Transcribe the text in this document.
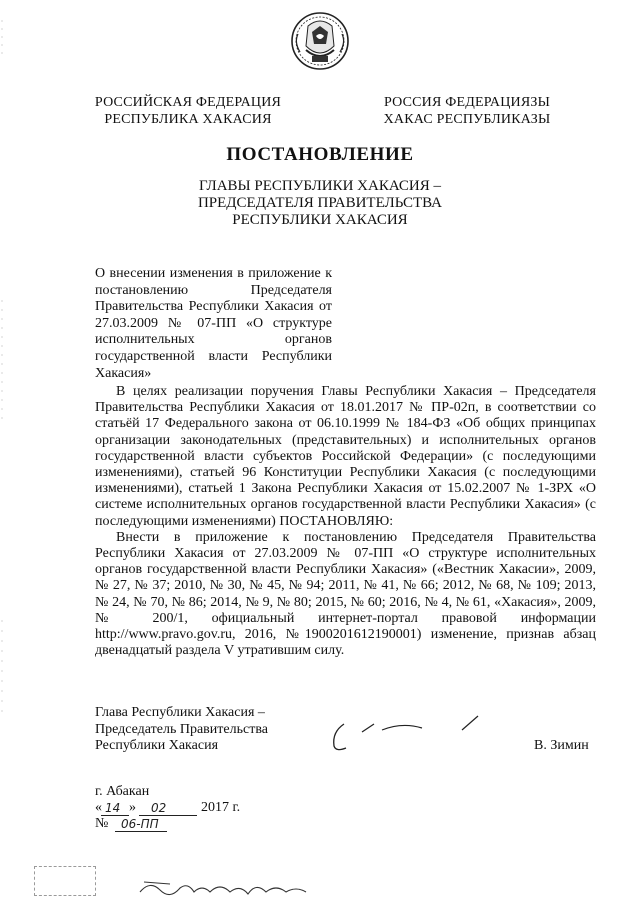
РОССИЙСКАЯ ФЕДЕРАЦИЯ
РЕСПУБЛИКА ХАКАСИЯ
РОССИЯ ФЕДЕРАЦИЯЗЫ
ХАКАС РЕСПУБЛИКАЗЫ
ПОСТАНОВЛЕНИЕ
ГЛАВЫ РЕСПУБЛИКИ ХАКАСИЯ –
ПРЕДСЕДАТЕЛЯ ПРАВИТЕЛЬСТВА
РЕСПУБЛИКИ ХАКАСИЯ
О внесении изменения в приложение к постановлению Председателя Правительства Республики Хакасия от 27.03.2009 № 07-ПП «О структуре исполнительных органов государственной власти Республики Хакасия»

В целях реализации поручения Главы Республики Хакасия – Председателя Правительства Республики Хакасия от 18.01.2017 № ПР-02п, в соответствии со статьёй 17 Федерального закона от 06.10.1999 № 184-ФЗ «Об общих принципах организации законодательных (представительных) и исполнительных органов государственной власти субъектов Российской Федерации» (с последующими изменениями), статьей 96 Конституции Республики Хакасия (с последующими изменениями), статьей 1 Закона Республики Хакасия от 15.02.2007 № 1-ЗРХ «О системе исполнительных органов государственной власти Республики Хакасия» (с последующими изменениями) ПОСТАНОВЛЯЮ:

Внести в приложение к постановлению Председателя Правительства Республики Хакасия от 27.03.2009 № 07-ПП «О структуре исполнительных органов государственной власти Республики Хакасия» («Вестник Хакасии», 2009, № 27, № 37; 2010, № 30, № 45, № 94; 2011, № 41, № 66; 2012, № 68, № 109; 2013, № 24, № 70, № 86; 2014, № 9, № 80; 2015, № 60; 2016, № 4, № 61, «Хакасия», 2009, № 200/1, официальный интернет-портал правовой информации http://www.pravo.gov.ru, 2016, №1900201612190001) изменение, признав абзац двенадцатый раздела V утратившим силу.

Глава Республики Хакасия –
Председатель Правительства
Республики Хакасия	В. Зимин
г. Абакан
« 14 » 02 2017 г.
№ 06-ПП
